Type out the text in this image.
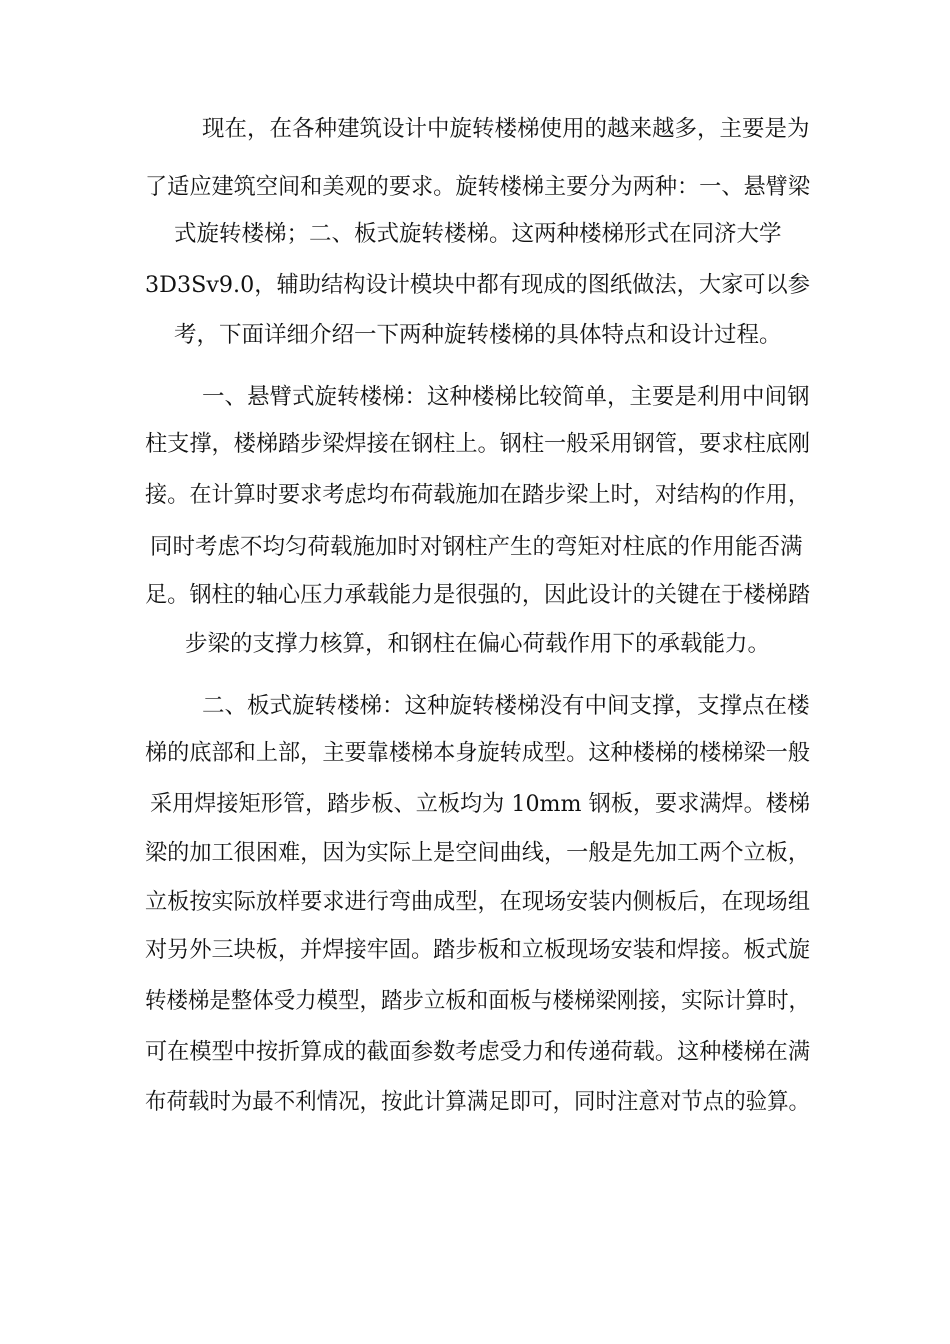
现在，在各种建筑设计中旋转楼梯使用的越来越多，主要是为
了适应建筑空间和美观的要求。旋转楼梯主要分为两种：一、悬臂梁
式旋转楼梯；二、板式旋转楼梯。这两种楼梯形式在同济大学
3D3Sv9.0，辅助结构设计模块中都有现成的图纸做法，大家可以参
考，下面详细介绍一下两种旋转楼梯的具体特点和设计过程。
一、悬臂式旋转楼梯：这种楼梯比较简单，主要是利用中间钢
柱支撑，楼梯踏步梁焊接在钢柱上。钢柱一般采用钢管，要求柱底刚
接。在计算时要求考虑均布荷载施加在踏步梁上时，对结构的作用，
同时考虑不均匀荷载施加时对钢柱产生的弯矩对柱底的作用能否满
足。钢柱的轴心压力承载能力是很强的，因此设计的关键在于楼梯踏
步梁的支撑力核算，和钢柱在偏心荷载作用下的承载能力。
二、板式旋转楼梯：这种旋转楼梯没有中间支撑，支撑点在楼
梯的底部和上部，主要靠楼梯本身旋转成型。这种楼梯的楼梯梁一般
采用焊接矩形管，踏步板、立板均为 10mm 钢板，要求满焊。楼梯
梁的加工很困难，因为实际上是空间曲线，一般是先加工两个立板，
立板按实际放样要求进行弯曲成型，在现场安装内侧板后，在现场组
对另外三块板，并焊接牢固。踏步板和立板现场安装和焊接。板式旋
转楼梯是整体受力模型，踏步立板和面板与楼梯梁刚接，实际计算时，
可在模型中按折算成的截面参数考虑受力和传递荷载。这种楼梯在满
布荷载时为最不利情况，按此计算满足即可，同时注意对节点的验算。
